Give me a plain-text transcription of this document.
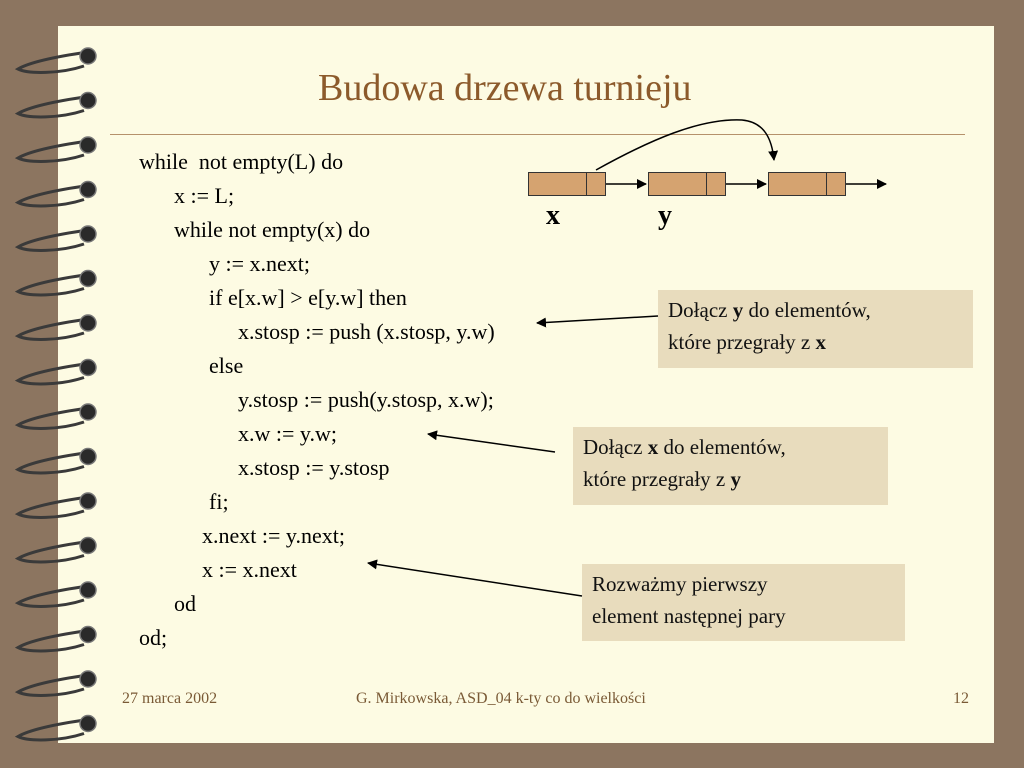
Budowa drzewa turnieju
while  not empty(L) do
x := L;
while not empty(x) do
y := x.next;
if e[x.w] > e[y.w] then
x.stosp := push (x.stosp, y.w)
else
y.stosp := push(y.stosp, x.w);
x.w := y.w;
x.stosp := y.stosp
fi;
x.next := y.next;
x := x.next
od
od;
x	y
Dołącz y do elementów,
które przegrały z x
Dołącz x do elementów,
które przegrały z y
Rozważmy pierwszy
element następnej pary
27 marca 2002	G. Mirkowska, ASD_04 k-ty co do wielkości	12
